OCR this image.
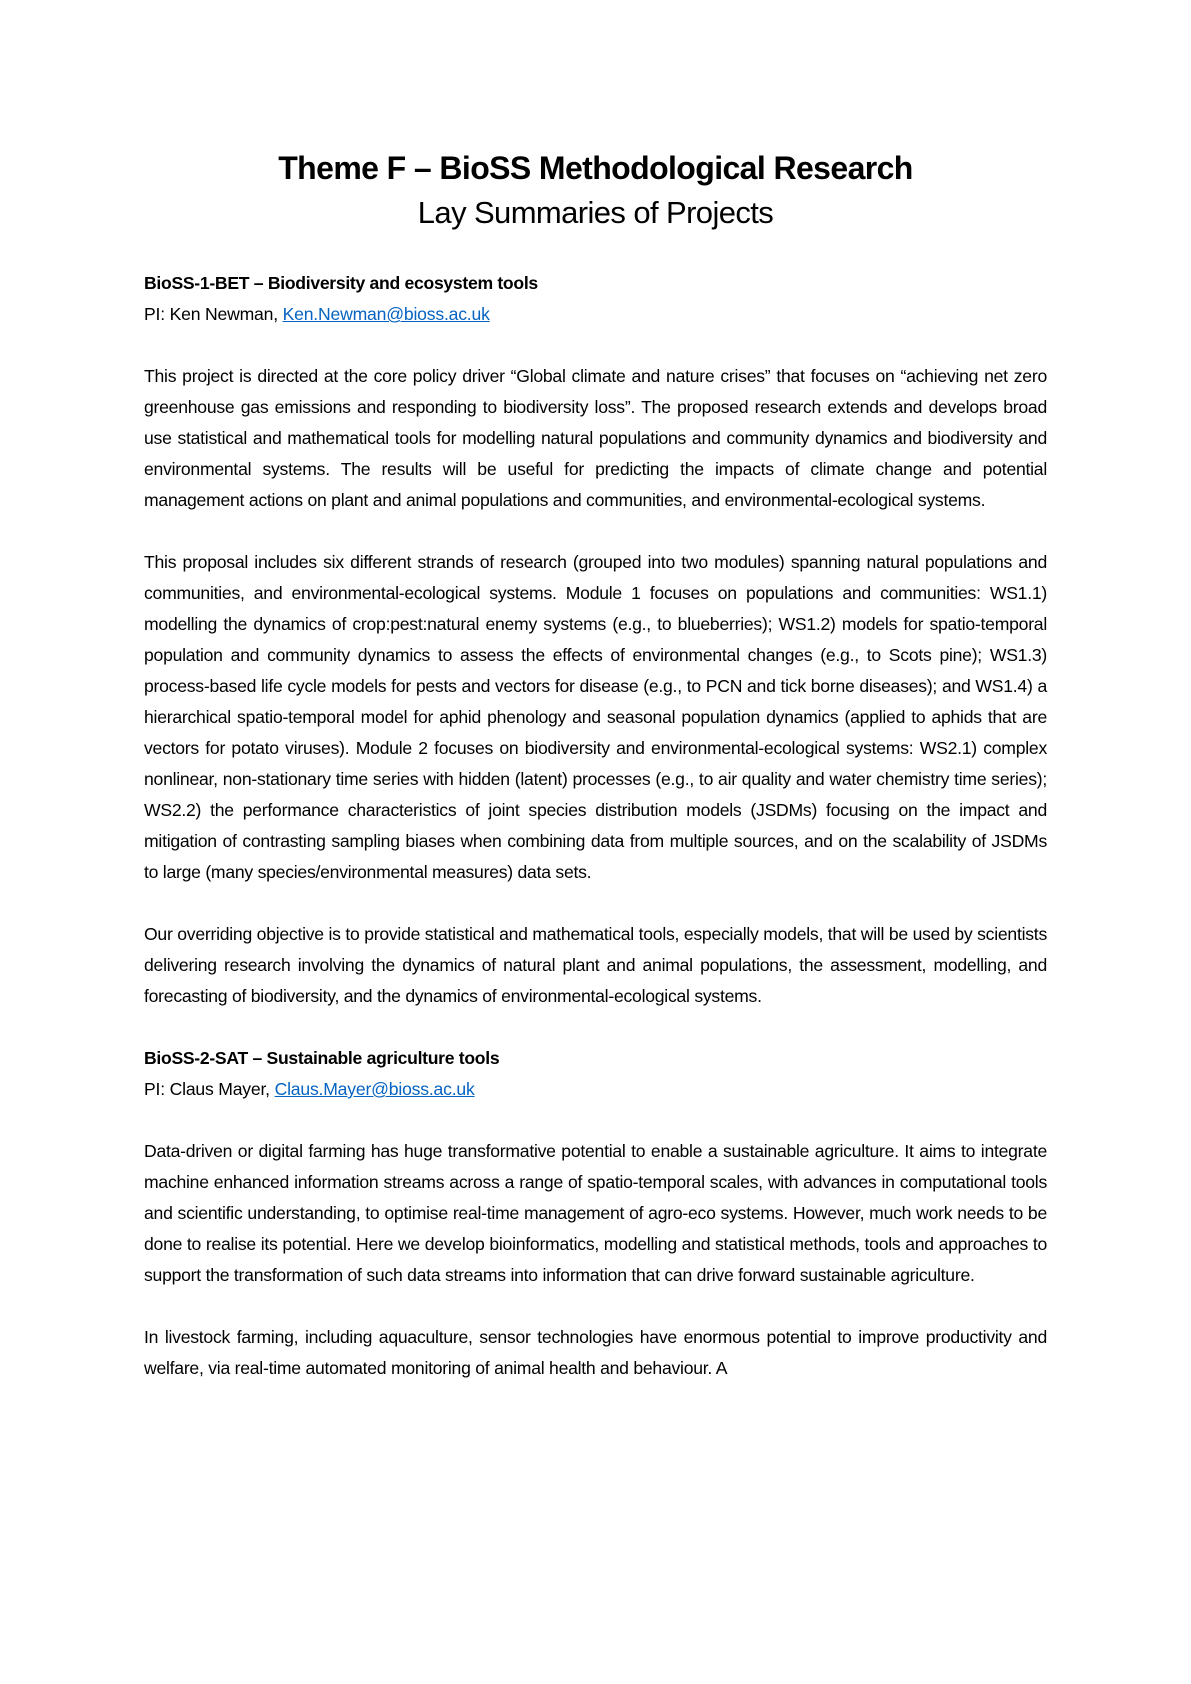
Theme F – BioSS Methodological Research
Lay Summaries of Projects

BioSS-1-BET – Biodiversity and ecosystem tools

PI: Ken Newman, Ken.Newman@bioss.ac.uk

This project is directed at the core policy driver “Global climate and nature crises” that focuses on “achieving net zero greenhouse gas emissions and responding to biodiversity loss”. The proposed research extends and develops broad use statistical and mathematical tools for modelling natural populations and community dynamics and biodiversity and environmental systems. The results will be useful for predicting the impacts of climate change and potential management actions on plant and animal populations and communities, and environmental-ecological systems.

This proposal includes six different strands of research (grouped into two modules) spanning natural populations and communities, and environmental-ecological systems. Module 1 focuses on populations and communities: WS1.1) modelling the dynamics of crop:pest:natural enemy systems (e.g., to blueberries); WS1.2) models for spatio-temporal population and community dynamics to assess the effects of environmental changes (e.g., to Scots pine); WS1.3) process-based life cycle models for pests and vectors for disease (e.g., to PCN and tick borne diseases); and WS1.4) a hierarchical spatio-temporal model for aphid phenology and seasonal population dynamics (applied to aphids that are vectors for potato viruses). Module 2 focuses on biodiversity and environmental-ecological systems: WS2.1) complex nonlinear, non-stationary time series with hidden (latent) processes (e.g., to air quality and water chemistry time series); WS2.2) the performance characteristics of joint species distribution models (JSDMs) focusing on the impact and mitigation of contrasting sampling biases when combining data from multiple sources, and on the scalability of JSDMs to large (many species/environmental measures) data sets.

Our overriding objective is to provide statistical and mathematical tools, especially models, that will be used by scientists delivering research involving the dynamics of natural plant and animal populations, the assessment, modelling, and forecasting of biodiversity, and the dynamics of environmental-ecological systems.

BioSS-2-SAT – Sustainable agriculture tools

PI: Claus Mayer, Claus.Mayer@bioss.ac.uk

Data-driven or digital farming has huge transformative potential to enable a sustainable agriculture. It aims to integrate machine enhanced information streams across a range of spatio-temporal scales, with advances in computational tools and scientific understanding, to optimise real-time management of agro-eco systems. However, much work needs to be done to realise its potential. Here we develop bioinformatics, modelling and statistical methods, tools and approaches to support the transformation of such data streams into information that can drive forward sustainable agriculture.

In livestock farming, including aquaculture, sensor technologies have enormous potential to improve productivity and welfare, via real-time automated monitoring of animal health and behaviour. A
